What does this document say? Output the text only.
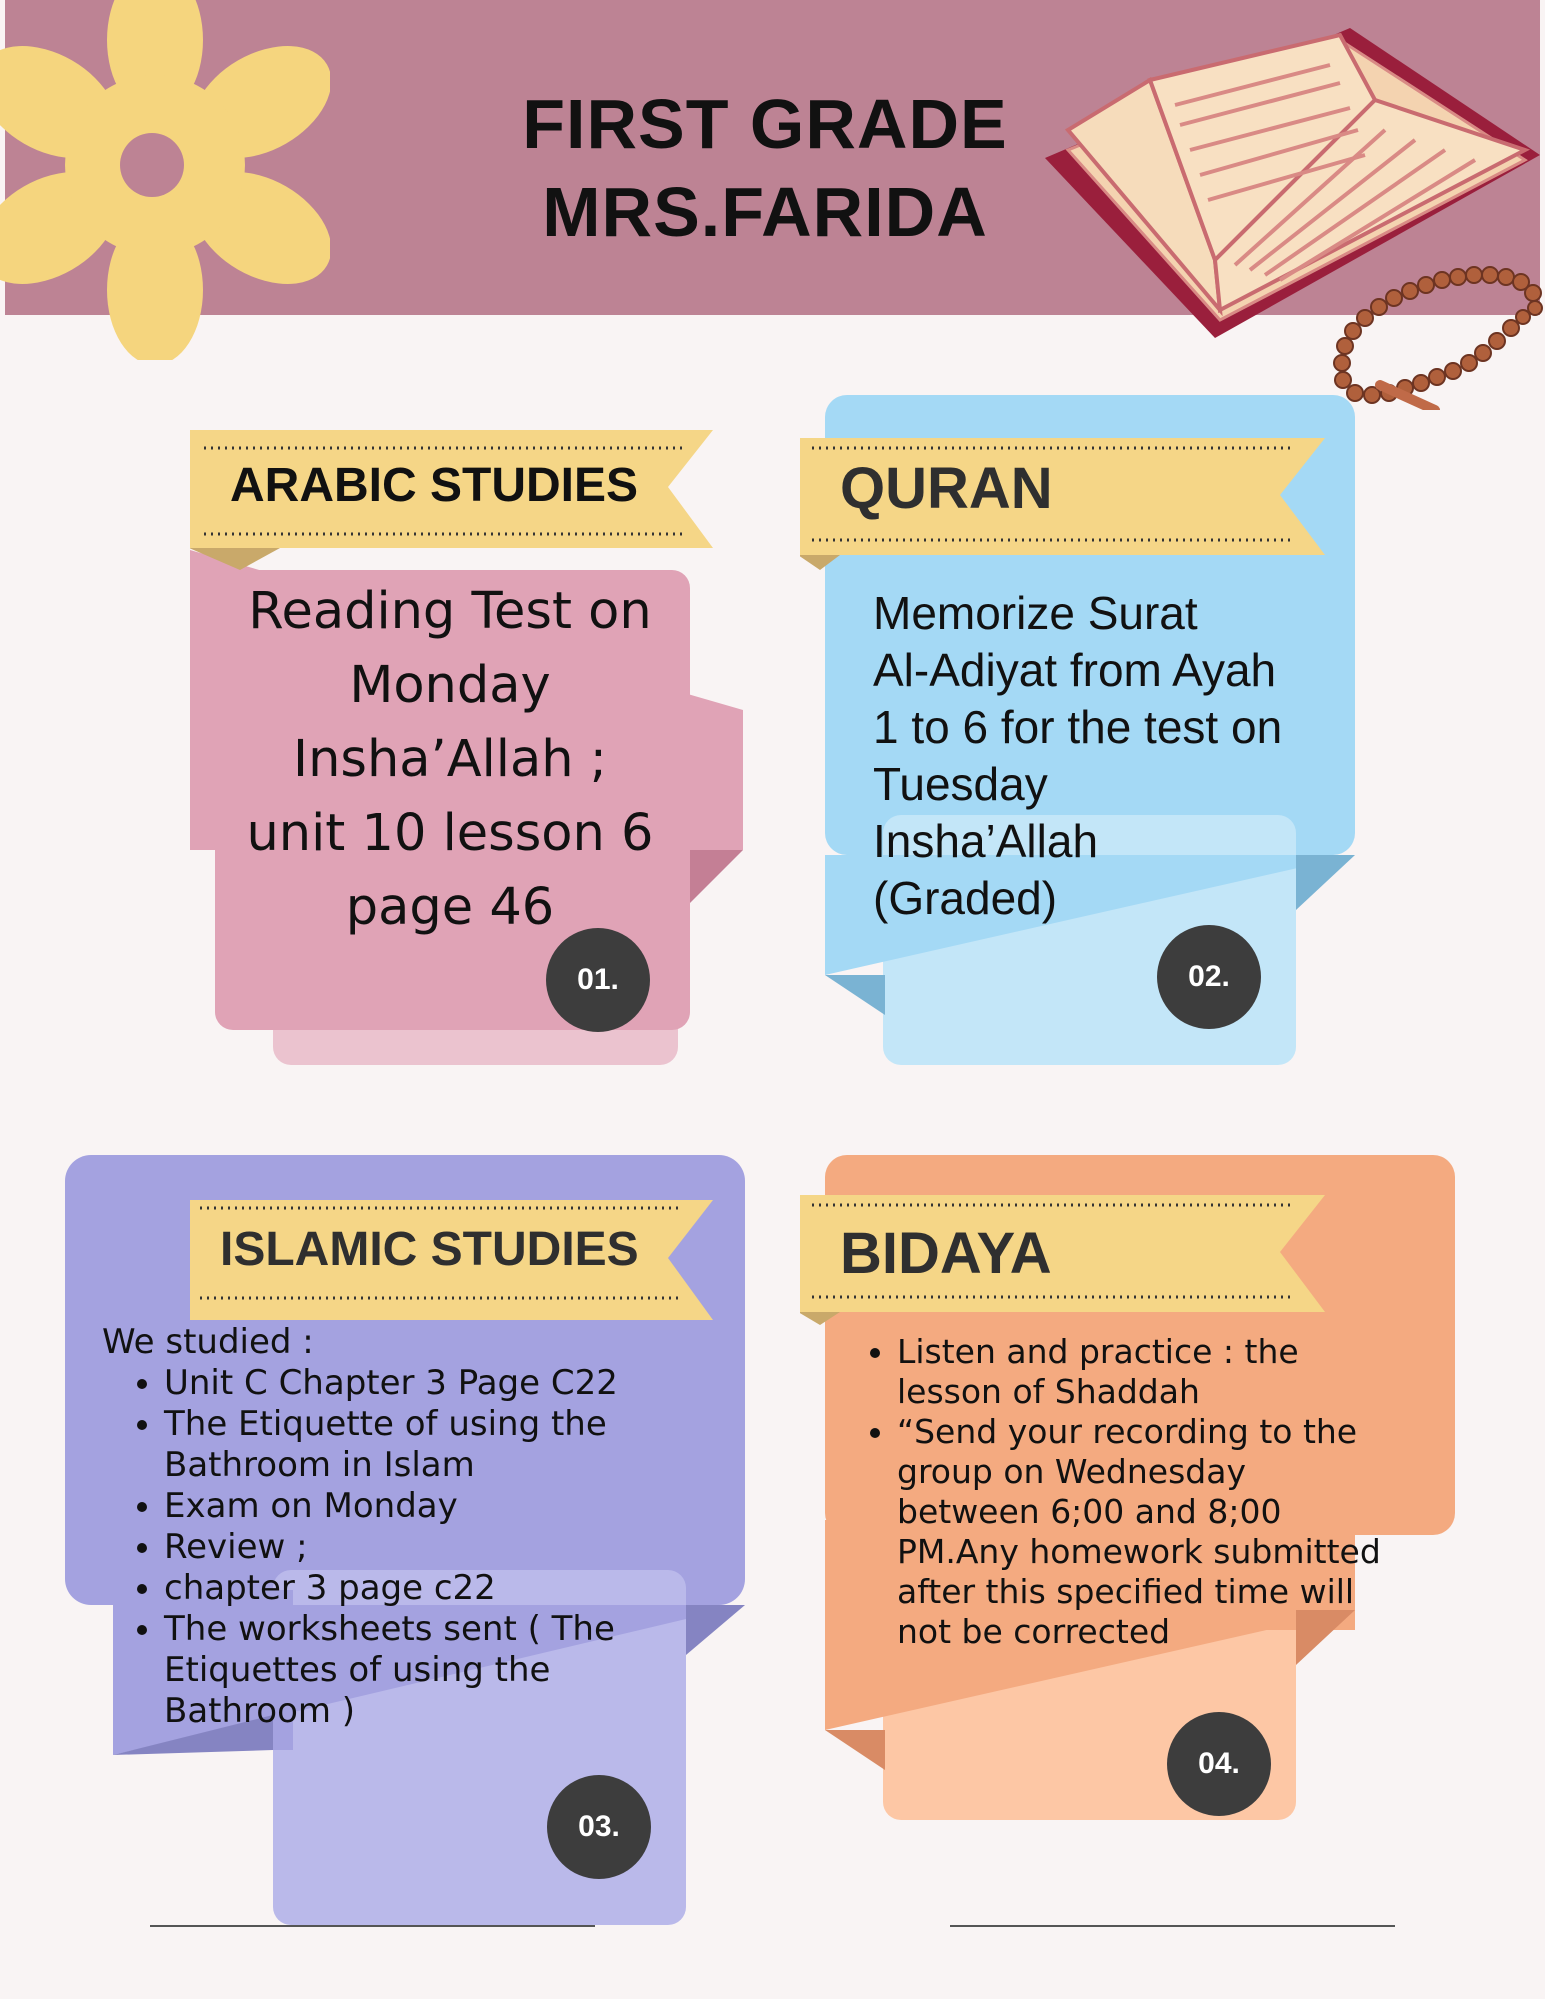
FIRST GRADE
MRS.FARIDA
ARABIC STUDIES
Reading Test on
Monday
Insha’Allah ;
unit 10 lesson 6
page 46
01.
QURAN
Memorize Surat
Al-Adiyat from Ayah
1 to 6 for the test on
Tuesday
Insha’Allah
(Graded)
02.
ISLAMIC STUDIES
We studied :
• Unit C Chapter 3 Page C22
• The Etiquette of using the Bathroom in Islam
• Exam on Monday
• Review ;
• chapter 3 page c22
• The worksheets sent ( The Etiquettes of using the Bathroom )
03.
BIDAYA
• Listen and practice : the lesson of Shaddah
• “Send your recording to the group on Wednesday between 6;00 and 8;00 PM.Any homework submitted after this specified time will not be corrected
04.
